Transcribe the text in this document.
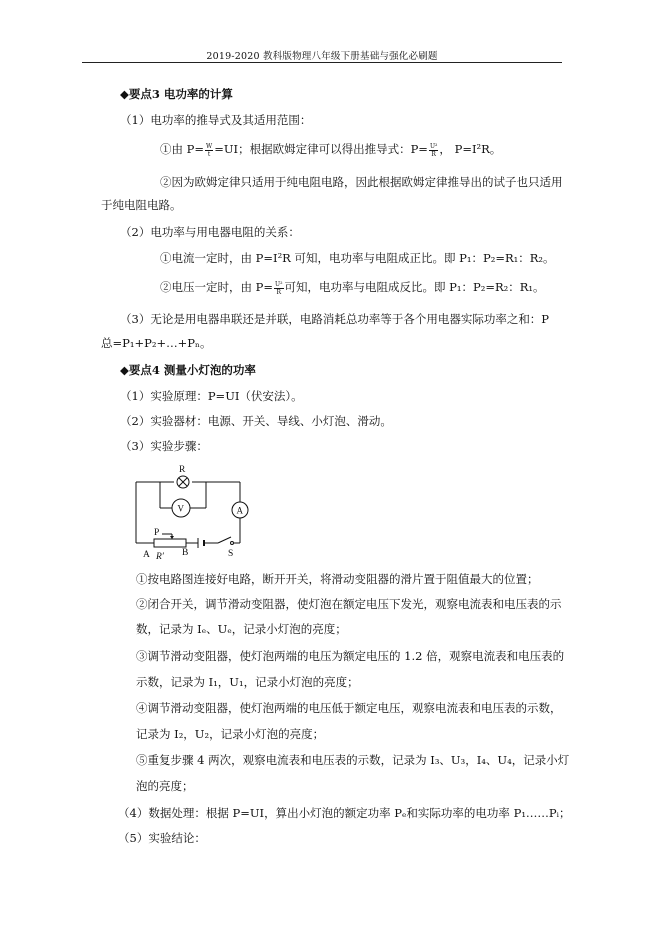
2019-2020 教科版物理八年级下册基础与强化必刷题
◆要点3 电功率的计算
（1）电功率的推导式及其适用范围：
①由 $P= \frac{W}{t} =UI$；根据欧姆定律可以得出推导式：$P= \frac{\text{U²}}{R}$ ， P=I²R。
②因为欧姆定律只适用于纯电阻电路，因此根据欧姆定律推导出的试子也只适用
于纯电阻电路。
（2）电功率与用电器电阻的关系：
①电流一定时，由 P=I²R 可知，电功率与电阻成正比。即 P₁：P₂=R₁：R₂。
②电压一定时，由 $P= \frac{\text{U²}}{R}$ 可知，电功率与电阻成反比。即 P₁：P₂=R₂：R₁。
（3）无论是用电器串联还是并联，电路消耗总功率等于各个用电器实际功率之和：P
总=P₁+P₂+…+Pₙ。
◆要点4 测量小灯泡的功率
（1）实验原理：P=UI（伏安法）。
（2）实验器材：电源、开关、导线、小灯泡、滑动。
（3）实验步骤：
R
V	A
P
A	B
R′	S
①按电路图连接好电路，断开开关，将滑动变阻器的滑片置于阻值最大的位置；
②闭合开关，调节滑动变阻器，使灯泡在额定电压下发光，观察电流表和电压表的示
数，记录为 Iₑ、Uₑ，记录小灯泡的亮度；
③调节滑动变阻器，使灯泡两端的电压为额定电压的 1.2 倍，观察电流表和电压表的
示数，记录为 I₁，U₁，记录小灯泡的亮度；
④调节滑动变阻器，使灯泡两端的电压低于额定电压，观察电流表和电压表的示数，
记录为 I₂，U₂，记录小灯泡的亮度；
⑤重复步骤 4 两次，观察电流表和电压表的示数，记录为 I₃、U₃，I₄、U₄，记录小灯
泡的亮度；
（4）数据处理：根据 P=UI，算出小灯泡的额定功率 Pₑ和实际功率的电功率 P₁……Pᵢ；
（5）实验结论：
